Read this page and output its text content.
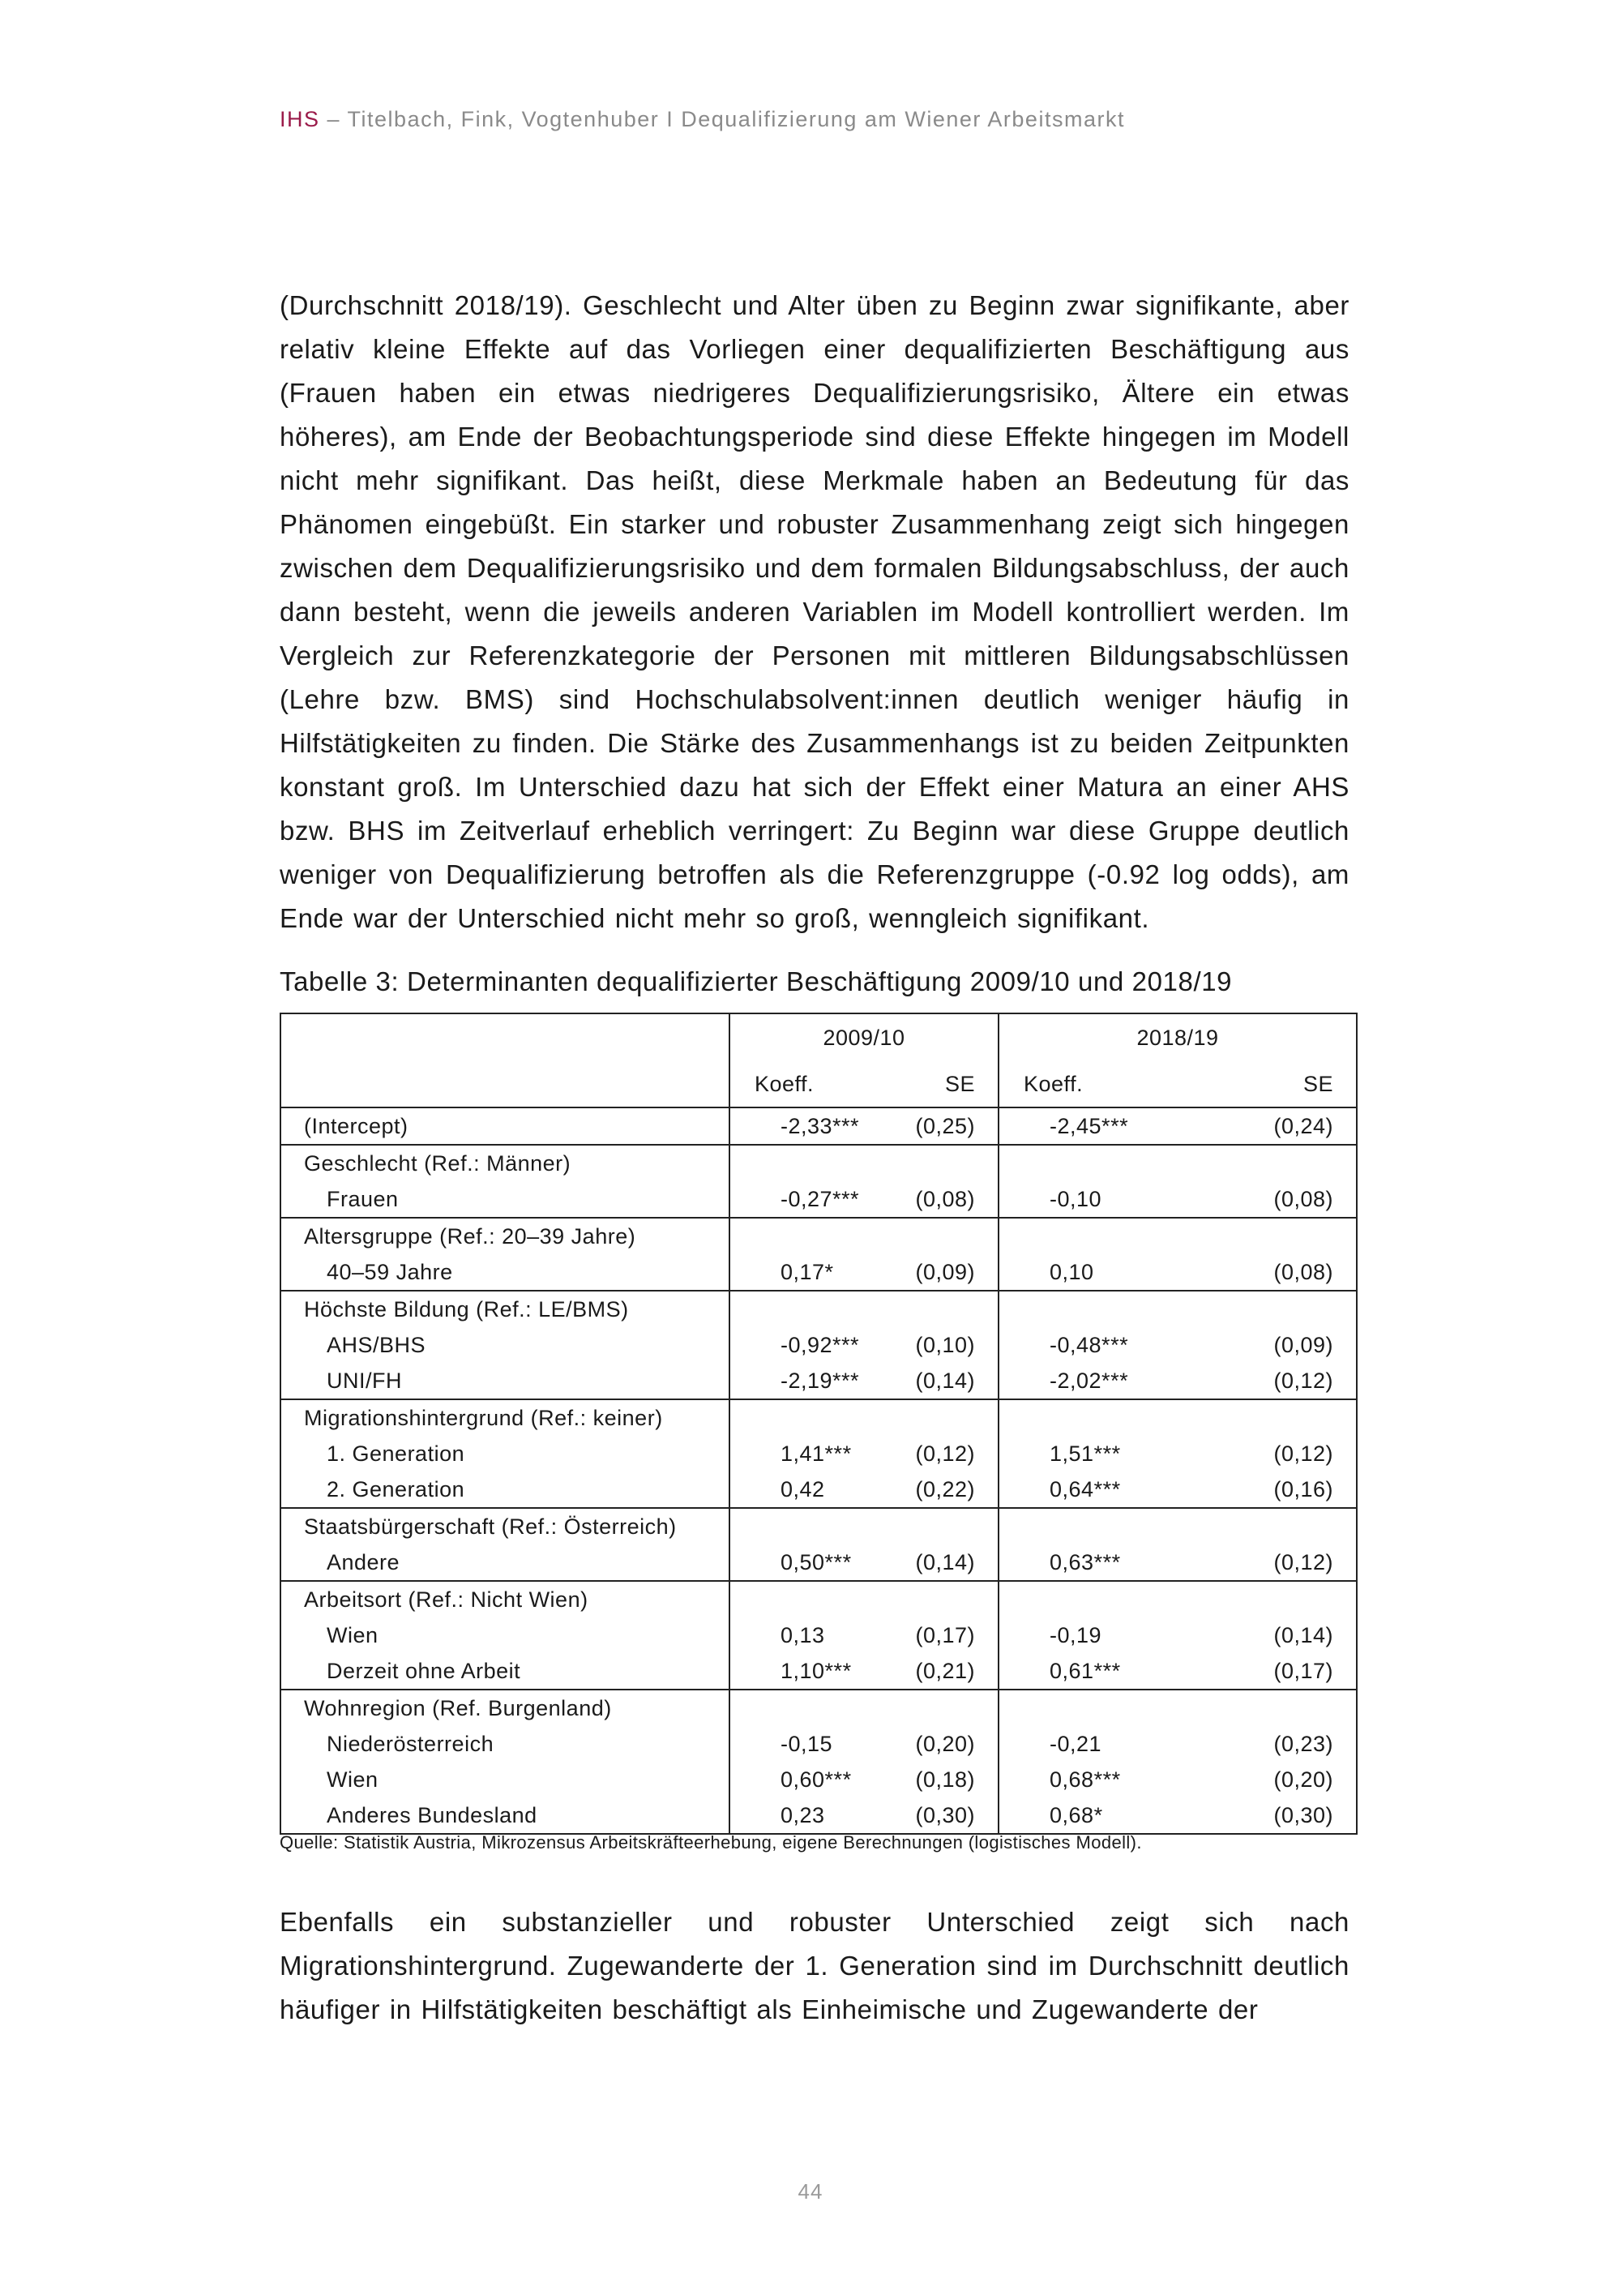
IHS – Titelbach, Fink, Vogtenhuber I Dequalifizierung am Wiener Arbeitsmarkt

(Durchschnitt 2018/19). Geschlecht und Alter üben zu Beginn zwar signifikante, aber relativ kleine Effekte auf das Vorliegen einer dequalifizierten Beschäftigung aus (Frauen haben ein etwas niedrigeres Dequalifizierungsrisiko, Ältere ein etwas höheres), am Ende der Beobachtungsperiode sind diese Effekte hingegen im Modell nicht mehr signifikant. Das heißt, diese Merkmale haben an Bedeutung für das Phänomen eingebüßt. Ein starker und robuster Zusammenhang zeigt sich hingegen zwischen dem Dequalifizierungsrisiko und dem formalen Bildungsabschluss, der auch dann besteht, wenn die jeweils anderen Variablen im Modell kontrolliert werden. Im Vergleich zur Referenzkategorie der Personen mit mittleren Bildungsabschlüssen (Lehre bzw. BMS) sind Hochschulabsolvent:innen deutlich weniger häufig in Hilfstätigkeiten zu finden. Die Stärke des Zusammenhangs ist zu beiden Zeitpunkten konstant groß. Im Unterschied dazu hat sich der Effekt einer Matura an einer AHS bzw. BHS im Zeitverlauf erheblich verringert: Zu Beginn war diese Gruppe deutlich weniger von Dequalifizierung betroffen als die Referenzgruppe (-0.92 log odds), am Ende war der Unterschied nicht mehr so groß, wenngleich signifikant.

Tabelle 3: Determinanten dequalifizierter Beschäftigung 2009/10 und 2018/19
	2009/10		2018/19	
	Koeff.	SE	Koeff.	SE
(Intercept)	-2,33***	(0,25)	-2,45***	(0,24)
Geschlecht (Ref.: Männer)				
Frauen	-0,27***	(0,08)	-0,10	(0,08)
Altersgruppe (Ref.: 20–39 Jahre)				
40–59 Jahre	0,17*	(0,09)	0,10	(0,08)
Höchste Bildung (Ref.: LE/BMS)				
AHS/BHS	-0,92***	(0,10)	-0,48***	(0,09)
UNI/FH	-2,19***	(0,14)	-2,02***	(0,12)
Migrationshintergrund (Ref.: keiner)				
1. Generation	1,41***	(0,12)	1,51***	(0,12)
2. Generation	0,42	(0,22)	0,64***	(0,16)
Staatsbürgerschaft (Ref.: Österreich)				
Andere	0,50***	(0,14)	0,63***	(0,12)
Arbeitsort (Ref.: Nicht Wien)				
Wien	0,13	(0,17)	-0,19	(0,14)
Derzeit ohne Arbeit	1,10***	(0,21)	0,61***	(0,17)
Wohnregion (Ref. Burgenland)				
Niederösterreich	-0,15	(0,20)	-0,21	(0,23)
Wien	0,60***	(0,18)	0,68***	(0,20)
Anderes Bundesland	0,23	(0,30)	0,68*	(0,30)
Quelle: Statistik Austria, Mikrozensus Arbeitskräfteerhebung, eigene Berechnungen (logistisches Modell).

Ebenfalls ein substanzieller und robuster Unterschied zeigt sich nach Migrationshintergrund. Zugewanderte der 1. Generation sind im Durchschnitt deutlich häufiger in Hilfstätigkeiten beschäftigt als Einheimische und Zugewanderte der

44
